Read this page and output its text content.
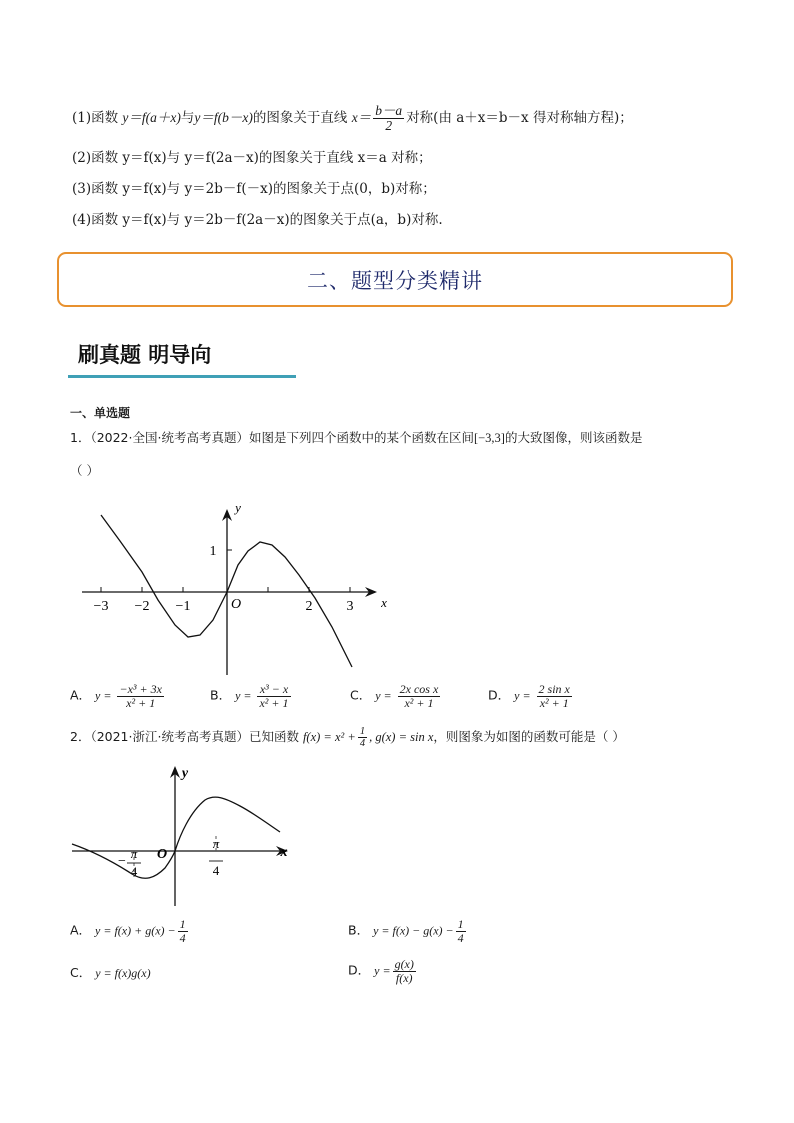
(1)函数 y＝f(a＋x)与y＝f(b－x)的图象关于直线 $x= \frac{b-a}{2}$ 对称(由 a＋x＝b－x 得对称轴方程)；
(2)函数 y＝f(x)与 y＝f(2a－x)的图象关于直线 x＝a 对称；
(3)函数 y＝f(x)与 y＝2b－f(－x)的图象关于点(0，b)对称；
(4)函数 y＝f(x)与 y＝2b－f(2a－x)的图象关于点(a，b)对称.
二、题型分类精讲
刷真题 明导向
一、单选题
1．（2022·全国·统考高考真题）如图是下列四个函数中的某个函数在区间[−3,3]的大致图像，则该函数是
（ ）
−3 −2 −1	2 3
1
O	x
y
A． $y = \frac{\text{−x³ + 3x}}{\text{x² + 1}}$	B． $y = \frac{\text{x³ − x}}{\text{x² + 1}}$	C． $y = \frac{\text{2x cos x}}{\text{x² + 1}}$	D． $y = \frac{\text{2 sin x}}{\text{x² + 1}}$
2．（2021·浙江·统考高考真题）已知函数 $f(x) = x^2 + \frac{1}{4}$ , g(x) = sin x，则图象为如图的函数可能是（ ）
y
x
O
−
π
4
π
4
A． $y = f(x) + g(x) - \frac{1}{4}$	B． $y = f(x) - g(x) - \frac{1}{4}$
C． y = f(x)g(x)	D． $y = \frac{g(x)}{f(x)}$
